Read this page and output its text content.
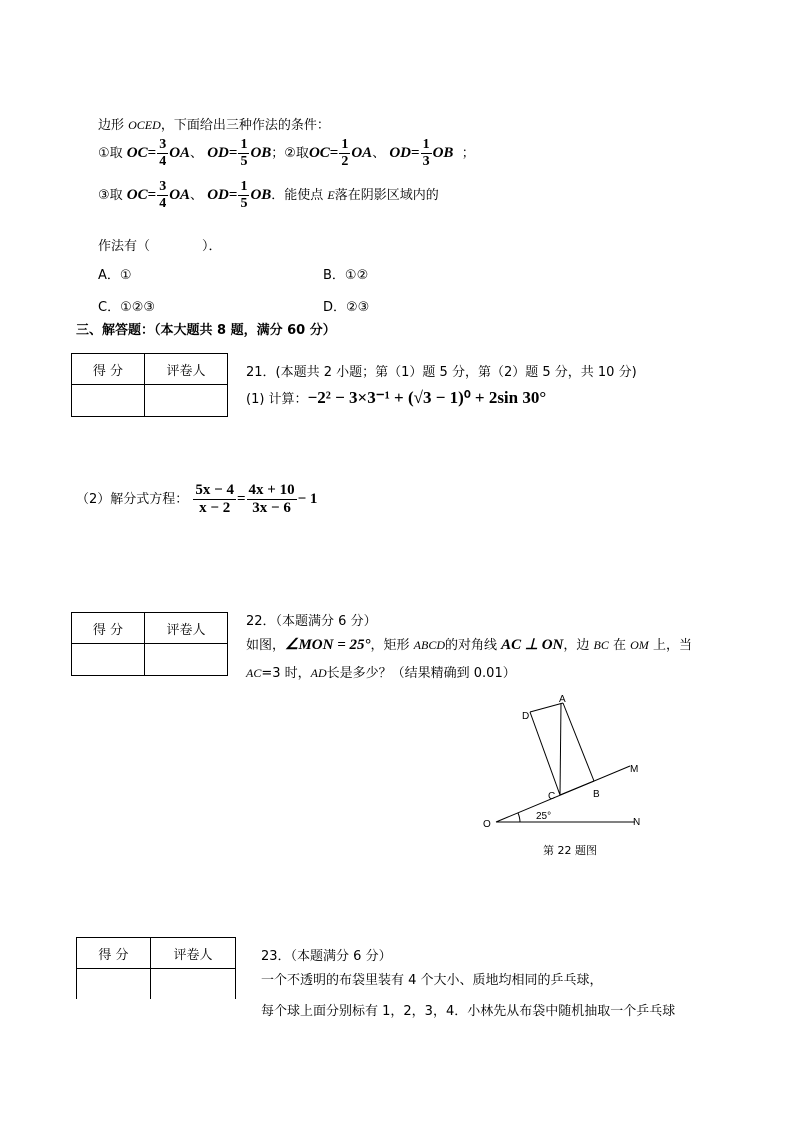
边形 OCED，下面给出三种作法的条件：
①取 $OC= \frac{3}{4}$ OA、 $OD= \frac{1}{5}$ OB；②取$OC= \frac{1}{2}$ OA、 $OD= \frac{1}{3}$ OB ；
③取 $OC= \frac{3}{4}$ OA、 $OD= \frac{1}{5}$ OB．能使点 E落在阴影区域内的
作法有（　　　　）．
A．①	B．①②
C．①②③	D．②③
三、解答题：（本大题共 8 题，满分 60 分）
得 分	评卷人
		21．(本题共 2 小题；第（1）题 5 分，第（2）题 5 分，共 10 分)
(1) 计算：−2² − 3×3⁻¹ + (√3 − 1)⁰ + 2sin 30°
（2）解分式方程： $\frac{5x - 4}{x - 2} = \frac{4x + 10}{3x - 6} - 1$
得 分	评卷人

22．（本题满分 6 分）
如图，∠MON = 25°，矩形 ABCD的对角线 AC ⊥ ON，边 BC 在 OM 上，当
AC=3 时，AD长是多少？（结果精确到 0.01）
A
B
C
D
O
M
N
25°
第 22 题图
得 分	评卷人
		23．（本题满分 6 分）
一个不透明的布袋里装有 4 个大小、质地均相同的乒乓球，
每个球上面分别标有 1，2，3，4．小林先从布袋中随机抽取一个乒乓球
